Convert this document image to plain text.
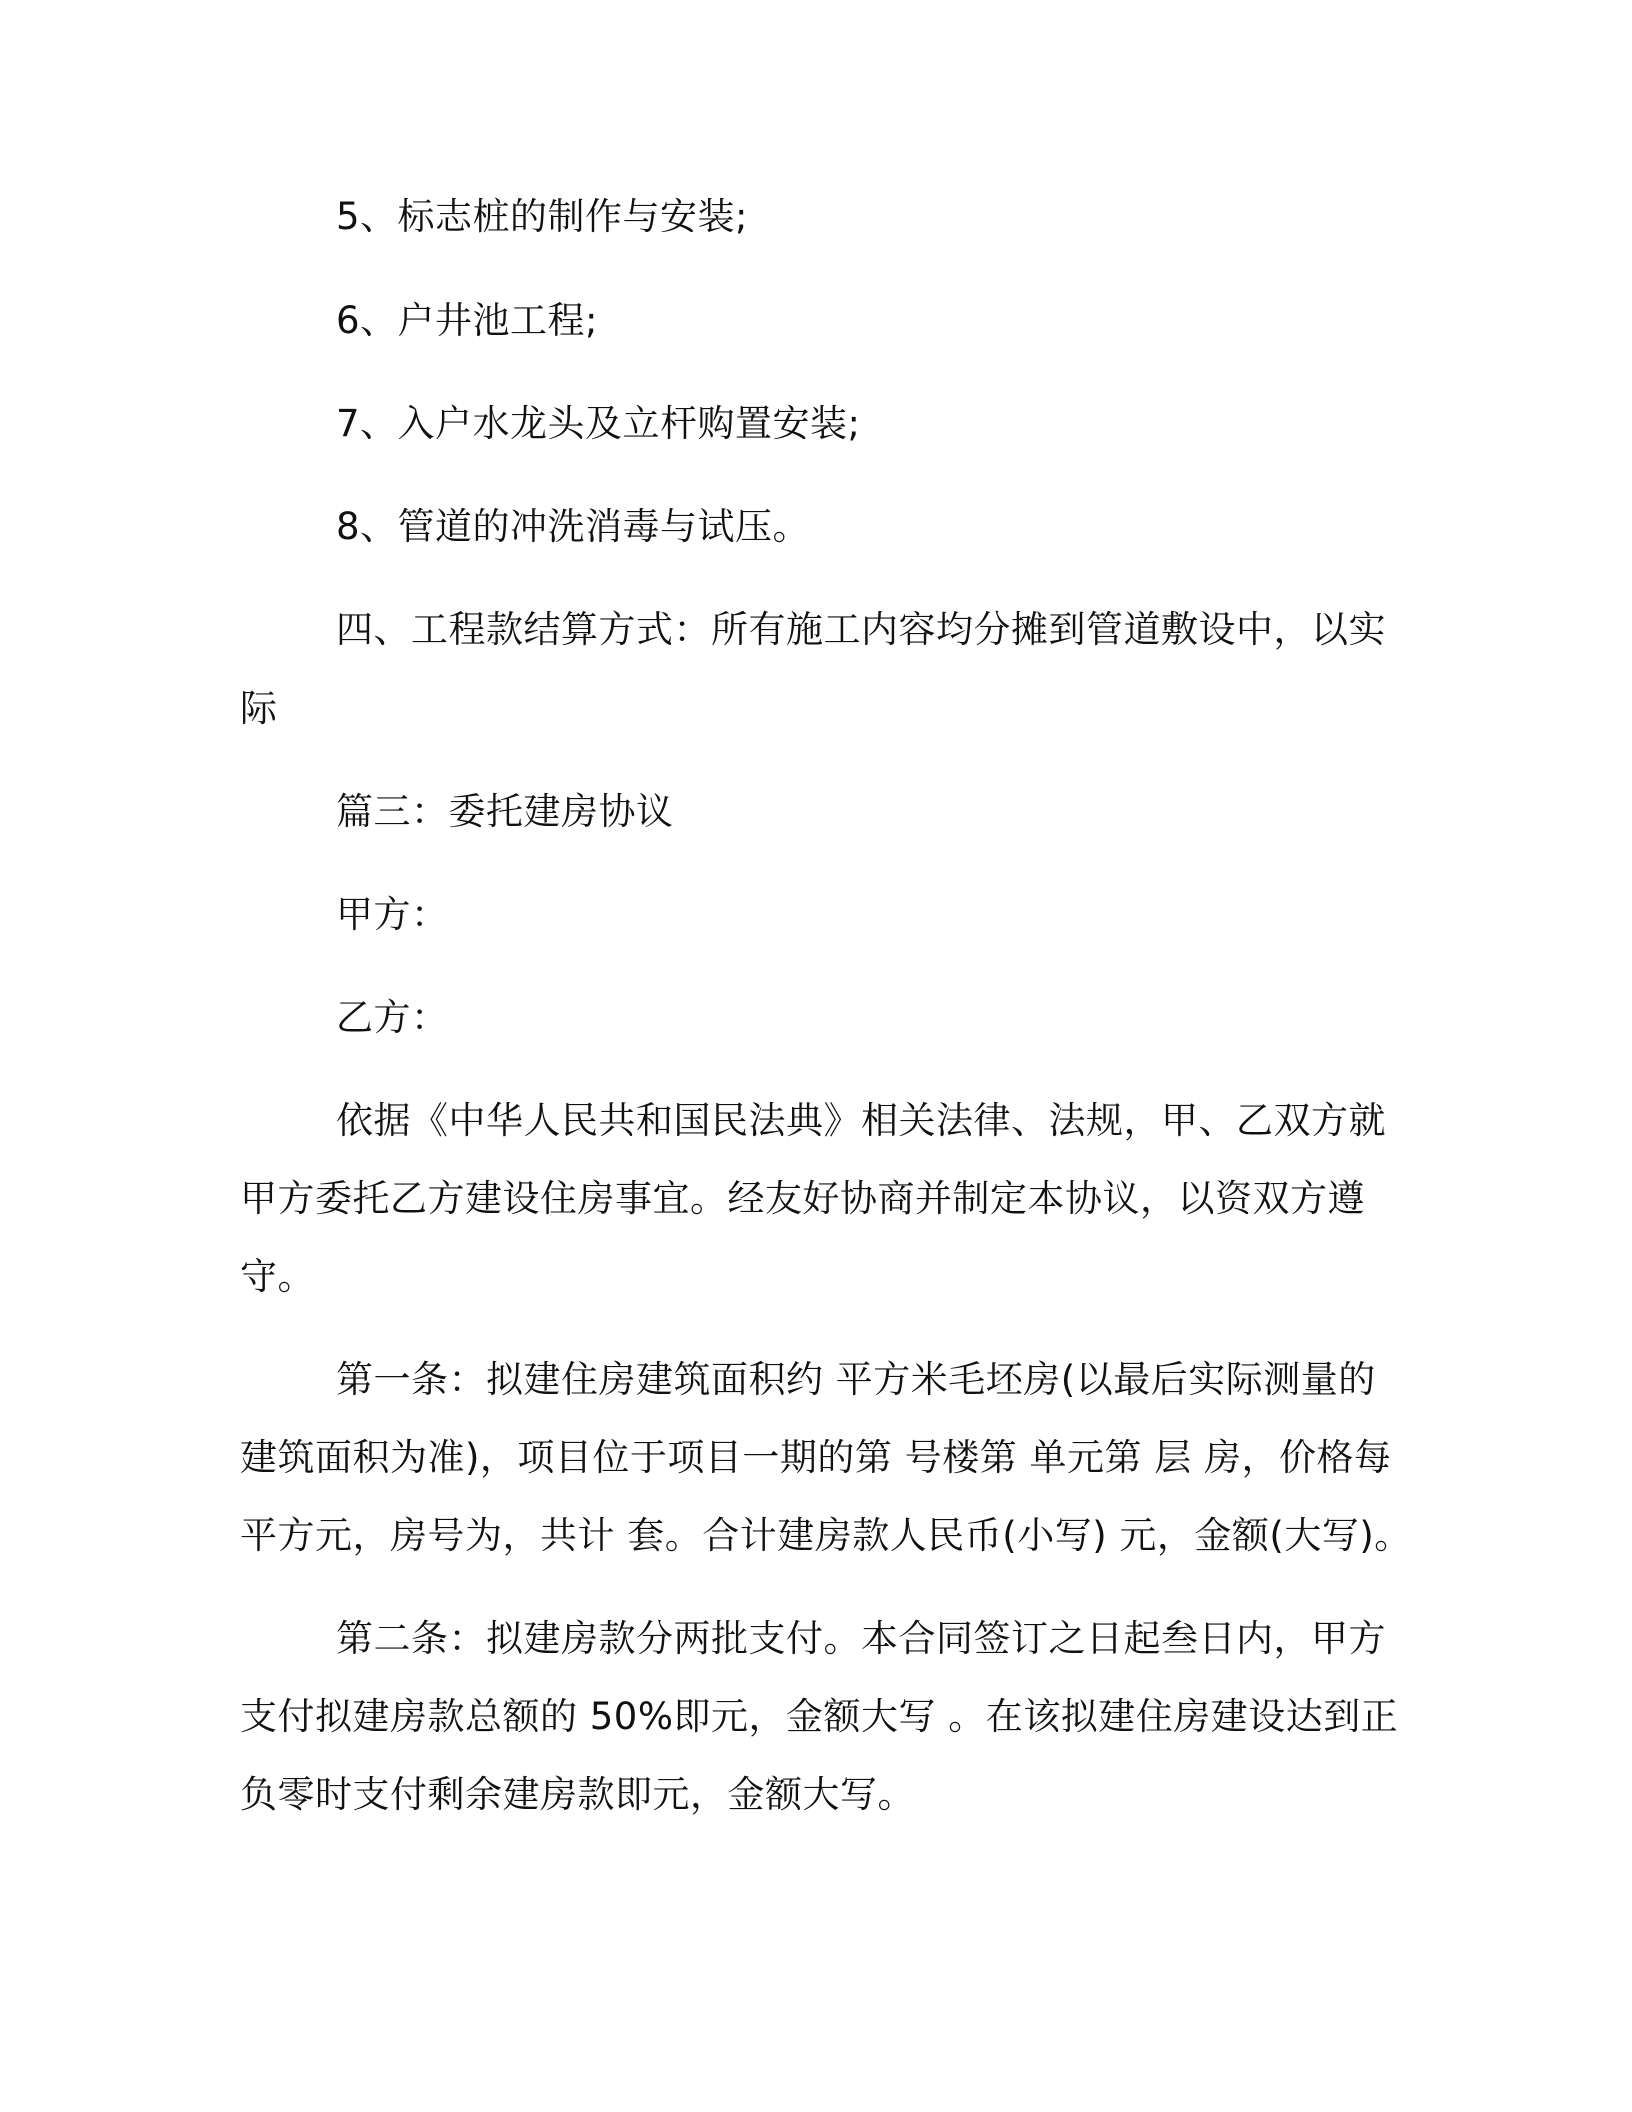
5、标志桩的制作与安装;
6、户井池工程;
7、入户水龙头及立杆购置安装;
8、管道的冲洗消毒与试压。
四、工程款结算方式：所有施工内容均分摊到管道敷设中，以实
际
篇三：委托建房协议
甲方：
乙方：
依据《中华人民共和国民法典》相关法律、法规，甲、乙双方就
甲方委托乙方建设住房事宜。经友好协商并制定本协议，以资双方遵
守。
第一条：拟建住房建筑面积约 平方米毛坯房(以最后实际测量的
建筑面积为准)，项目位于项目一期的第 号楼第 单元第 层 房，价格每
平方元，房号为，共计 套。合计建房款人民币(小写) 元，金额(大写)。
第二条：拟建房款分两批支付。本合同签订之日起叁日内，甲方
支付拟建房款总额的 50%即元，金额大写 。在该拟建住房建设达到正
负零时支付剩余建房款即元，金额大写。
